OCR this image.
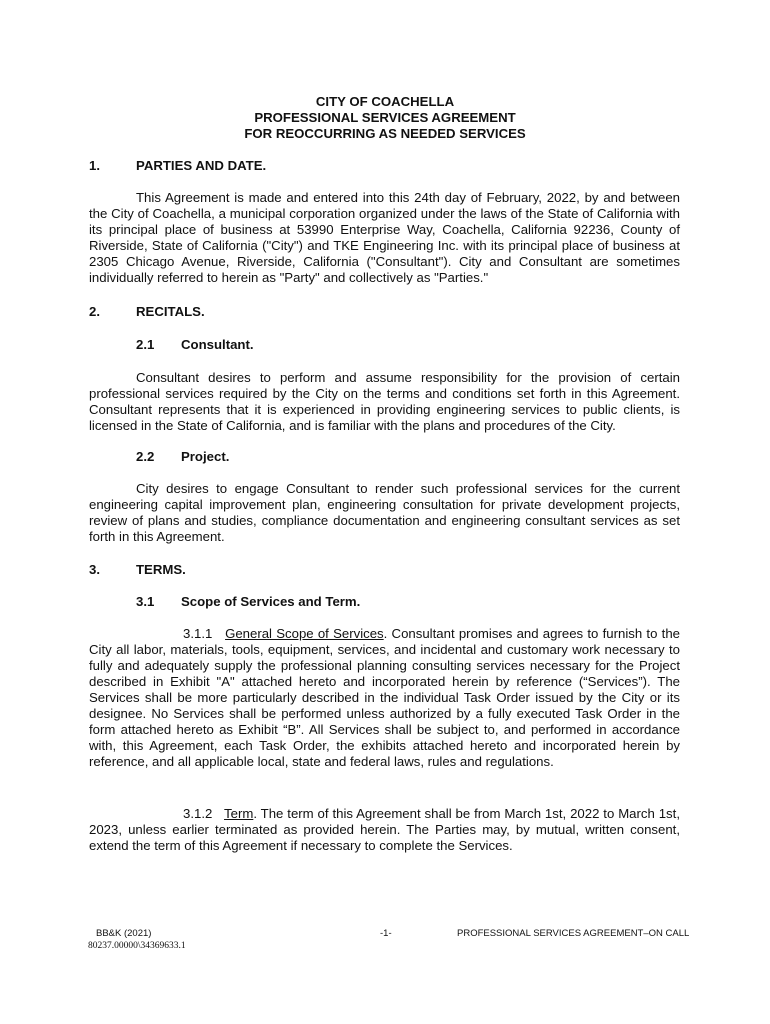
CITY OF COACHELLA
PROFESSIONAL SERVICES AGREEMENT
FOR REOCCURRING AS NEEDED SERVICES
1.	PARTIES AND DATE.
This Agreement is made and entered into this 24th day of February, 2022, by and between the City of Coachella, a municipal corporation organized under the laws of the State of California with its principal place of business at 53990 Enterprise Way, Coachella, California 92236, County of Riverside, State of California ("City") and TKE Engineering Inc. with its principal place of business at 2305 Chicago Avenue, Riverside, California ("Consultant"). City and Consultant are sometimes individually referred to herein as "Party" and collectively as "Parties."
2.	RECITALS.
2.1 Consultant.
Consultant desires to perform and assume responsibility for the provision of certain professional services required by the City on the terms and conditions set forth in this Agreement. Consultant represents that it is experienced in providing engineering services to public clients, is licensed in the State of California, and is familiar with the plans and procedures of the City.
2.2 Project.
City desires to engage Consultant to render such professional services for the current engineering capital improvement plan, engineering consultation for private development projects, review of plans and studies, compliance documentation and engineering consultant services as set forth in this Agreement.
3.	TERMS.
3.1 Scope of Services and Term.
3.1.1 General Scope of Services. Consultant promises and agrees to furnish to the City all labor, materials, tools, equipment, services, and incidental and customary work necessary to fully and adequately supply the professional planning consulting services necessary for the Project described in Exhibit "A" attached hereto and incorporated herein by reference (“Services”). The Services shall be more particularly described in the individual Task Order issued by the City or its designee. No Services shall be performed unless authorized by a fully executed Task Order in the form attached hereto as Exhibit “B”. All Services shall be subject to, and performed in accordance with, this Agreement, each Task Order, the exhibits attached hereto and incorporated herein by reference, and all applicable local, state and federal laws, rules and regulations.
3.1.2 Term. The term of this Agreement shall be from March 1st, 2022 to March 1st, 2023, unless earlier terminated as provided herein. The Parties may, by mutual, written consent, extend the term of this Agreement if necessary to complete the Services.
BB&K (2021)	-1-	PROFESSIONAL SERVICES AGREEMENT–ON CALL
80237.00000\34369633.1
